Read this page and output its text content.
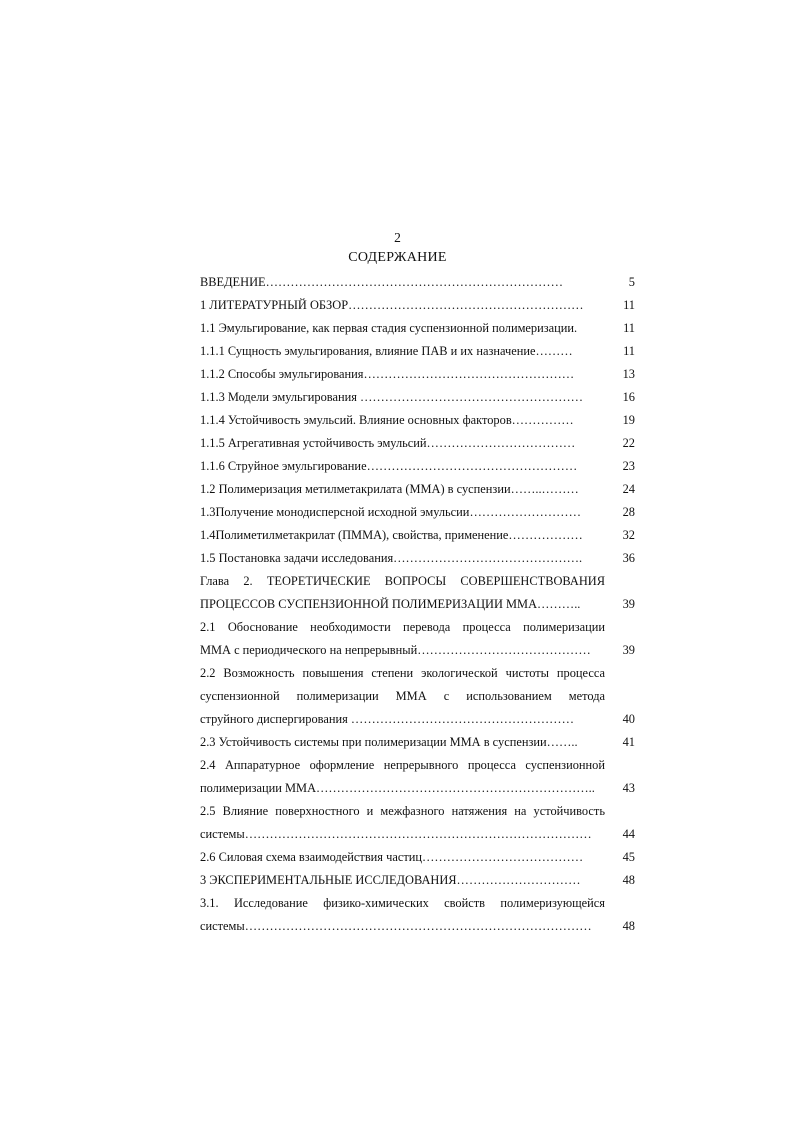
2
СОДЕРЖАНИЕ
ВВЕДЕНИЕ………………………………………………………………	5
1 ЛИТЕРАТУРНЫЙ ОБЗОР…………………………………………………	11
1.1 Эмульгирование, как первая стадия суспензионной полимеризации.	11
1.1.1 Сущность эмульгирования, влияние ПАВ и их назначение………	11
1.1.2 Способы эмульгирования……………………………………………	13
1.1.3 Модели эмульгирования ………………………………………………	16
1.1.4 Устойчивость эмульсий. Влияние основных факторов……………	19
1.1.5 Агрегативная устойчивость эмульсий………………………………	22
1.1.6 Струйное эмульгирование……………………………………………	23
1.2 Полимеризация метилметакрилата (ММА) в суспензии……..………	24
1.3Получение монодисперсной исходной эмульсии………………………	28
1.4Полиметилметакрилат (ПММА), свойства, применение………………	32
1.5 Постановка задачи исследования……………………………………….	36
Глава 2. ТЕОРЕТИЧЕСКИЕ ВОПРОСЫ СОВЕРШЕНСТВОВАНИЯ
ПРОЦЕССОВ СУСПЕНЗИОННОЙ ПОЛИМЕРИЗАЦИИ ММА………..	39
2.1 Обоснование необходимости перевода процесса полимеризации
ММА с периодического на непрерывный……………………………………	39
2.2 Возможность повышения степени экологической чистоты процесса
суспензионной полимеризации ММА с использованием метода
струйного диспергирования ………………………………………………	40
2.3 Устойчивость системы при полимеризации ММА в суспензии……..	41
2.4 Аппаратурное оформление непрерывного процесса суспензионной
полимеризации ММА…………………………………………………………..	43
2.5 Влияние поверхностного и межфазного натяжения на устойчивость
системы…………………………………………………………………………	44
2.6 Силовая схема взаимодействия частиц…………………………………	45
3 ЭКСПЕРИМЕНТАЛЬНЫЕ ИССЛЕДОВАНИЯ…………………………	48
3.1. Исследование физико-химических свойств полимеризующейся
системы…………………………………………………………………………	48
